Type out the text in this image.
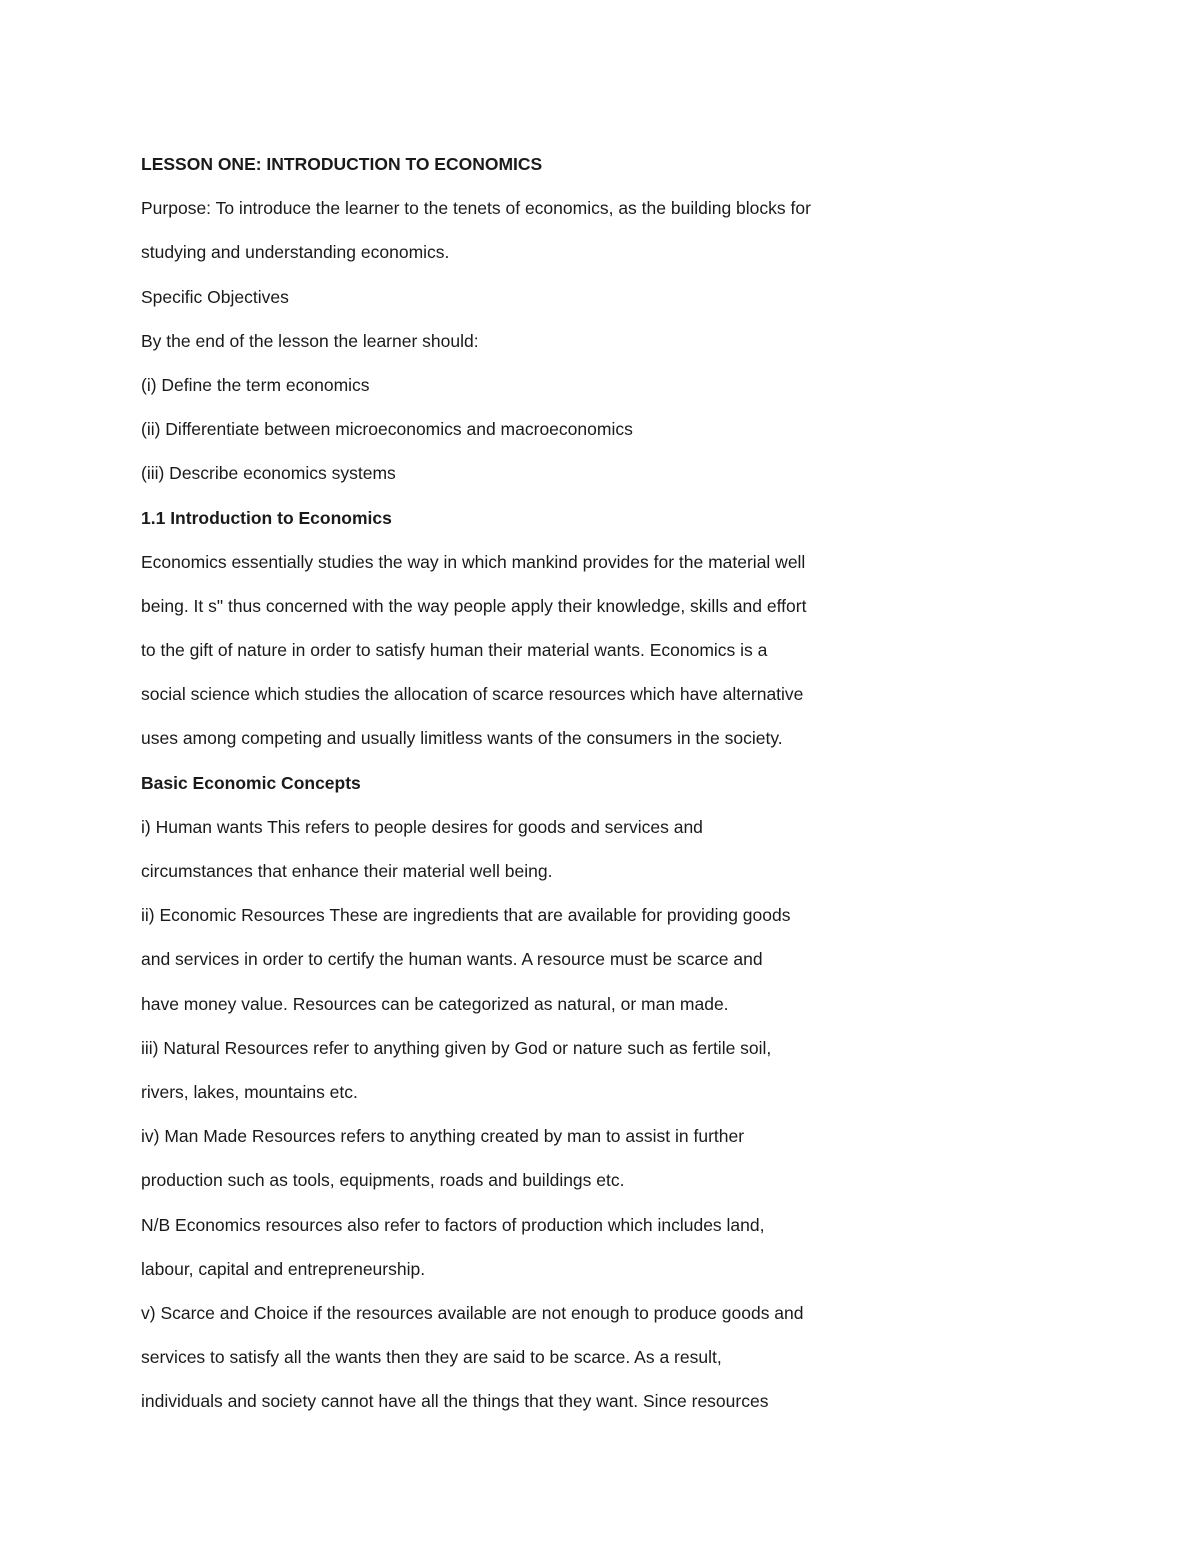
LESSON ONE: INTRODUCTION TO ECONOMICS
Purpose: To introduce the learner to the tenets of economics, as the building blocks for
studying and understanding economics.
Specific Objectives
By the end of the lesson the learner should:
(i) Define the term economics
(ii) Differentiate between microeconomics and macroeconomics
(iii) Describe economics systems
1.1 Introduction to Economics
Economics essentially studies the way in which mankind provides for the material well
being. It s" thus concerned with the way people apply their knowledge, skills and effort
to the gift of nature in order to satisfy human their material wants. Economics is a
social science which studies the allocation of scarce resources which have alternative
uses among competing and usually limitless wants of the consumers in the society.
Basic Economic Concepts
i) Human wants This refers to people desires for goods and services and
circumstances that enhance their material well being.
ii) Economic Resources These are ingredients that are available for providing goods
and services in order to certify the human wants. A resource must be scarce and
have money value. Resources can be categorized as natural, or man made.
iii) Natural Resources refer to anything given by God or nature such as fertile soil,
rivers, lakes, mountains etc.
iv) Man Made Resources refers to anything created by man to assist in further
production such as tools, equipments, roads and buildings etc.
N/B Economics resources also refer to factors of production which includes land,
labour, capital and entrepreneurship.
v) Scarce and Choice if the resources available are not enough to produce goods and
services to satisfy all the wants then they are said to be scarce. As a result,
individuals and society cannot have all the things that they want. Since resources
